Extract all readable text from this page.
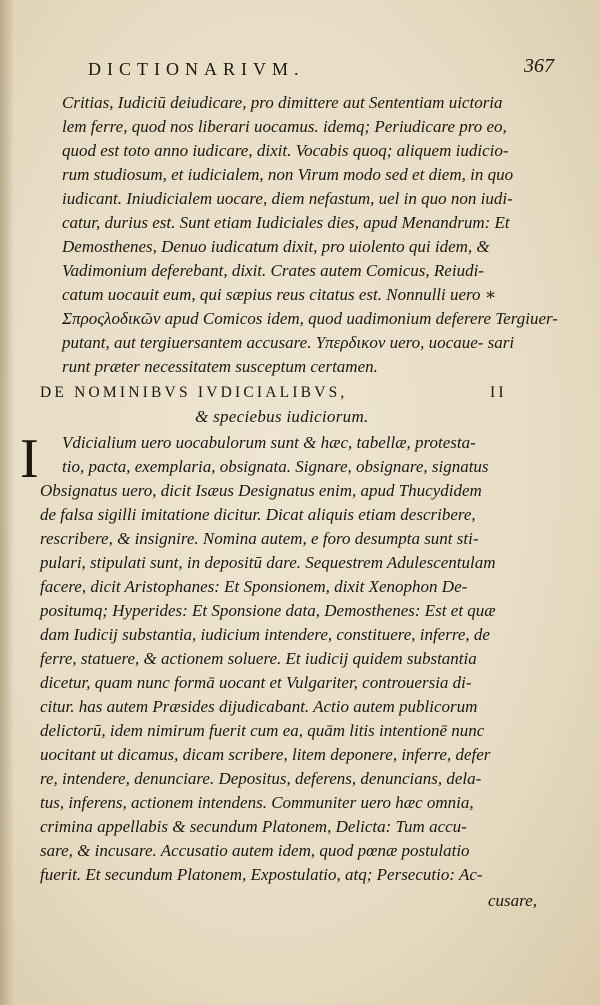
DICTIONARIVM.	367
Critias, Iudiciū deiudicare, pro dimittere aut Sententiam uictoria
lem ferre, quod nos liberari uocamus. idemq; Periudicare pro eo,
quod est toto anno iudicare, dixit. Vocabis quoq; aliquem iudicio-
rum studiosum, et iudicialem, non Virum modo sed et diem, in quo
iudicant. Iniudicialem uocare, diem nefastum, uel in quo non iudi-
catur, durius est. Sunt etiam Iudiciales dies, apud Menandrum: Et
Demosthenes, Denuo iudicatum dixit, pro uiolento qui idem, &
Vadimonium deferebant, dixit. Crates autem Comicus, Reiudi-
catum uocauit eum, qui sæpius reus citatus est. Nonnulli uero ∗
Σπροςλοδικῶν apud Comicos idem, quod uadimonium deferere Tergiuer-
putant, aut tergiuersantem accusare. Υπερδικον uero, uocaue- sari
runt præter necessitatem susceptum certamen.
DE NOMINIBVS IVDICIALIBVS,	II
& speciebus iudiciorum.
I Vdicialium uero uocabulorum sunt & hæc, tabellæ, protesta-
tio, pacta, exemplaria, obsignata. Signare, obsignare, signatus
Obsignatus uero, dicit Isæus Designatus enim, apud Thucydidem
de falsa sigilli imitatione dicitur. Dicat aliquis etiam describere,
rescribere, & insignire. Nomina autem, e foro desumpta sunt sti-
pulari, stipulati sunt, in depositū dare. Sequestrem Adulescentulam
facere, dicit Aristophanes: Et Sponsionem, dixit Xenophon De-
positumq; Hyperides: Et Sponsione data, Demosthenes: Est et quæ
dam Iudicij substantia, iudicium intendere, constituere, inferre, de
ferre, statuere, & actionem soluere. Et iudicij quidem substantia
dicetur, quam nunc formā uocant et Vulgariter, controuersia di-
citur. has autem Præsides dijudicabant. Actio autem publicorum
delictorū, idem nimirum fuerit cum ea, quām litis intentionē nunc
uocitant ut dicamus, dicam scribere, litem deponere, inferre, defer
re, intendere, denunciare. Depositus, deferens, denuncians, dela-
tus, inferens, actionem intendens. Communiter uero hæc omnia,
crimina appellabis & secundum Platonem, Delicta: Tum accu-
sare, & incusare. Accusatio autem idem, quod pœnæ postulatio
fuerit. Et secundum Platonem, Expostulatio, atq; Persecutio: Ac-
cusare,
